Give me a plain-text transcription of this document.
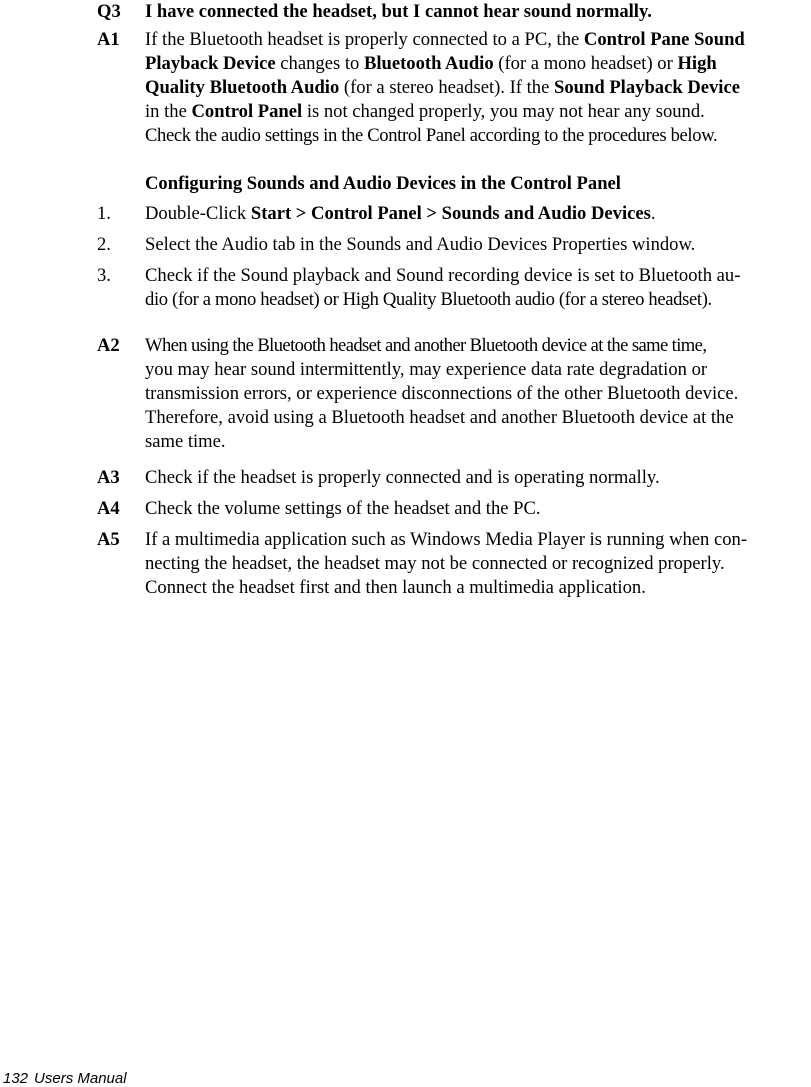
Q3 I have connected the headset, but I cannot hear sound normally.
A1 If the Bluetooth headset is properly connected to a PC, the Control Pane Sound
Playback Device changes to Bluetooth Audio (for a mono headset) or High
Quality Bluetooth Audio (for a stereo headset). If the Sound Playback Device
in the Control Panel is not changed properly, you may not hear any sound.
Check the audio settings in the Control Panel according to the procedures below.
Configuring Sounds and Audio Devices in the Control Panel
1. Double-Click Start > Control Panel > Sounds and Audio Devices.
2. Select the Audio tab in the Sounds and Audio Devices Properties window.
3. Check if the Sound playback and Sound recording device is set to Bluetooth au-
dio (for a mono headset) or High Quality Bluetooth audio (for a stereo headset).
A2 When using the Bluetooth headset and another Bluetooth device at the same time,
you may hear sound intermittently, may experience data rate degradation or
transmission errors, or experience disconnections of the other Bluetooth device.
Therefore, avoid using a Bluetooth headset and another Bluetooth device at the
same time.
A3 Check if the headset is properly connected and is operating normally.
A4 Check the volume settings of the headset and the PC.
A5 If a multimedia application such as Windows Media Player is running when con-
necting the headset, the headset may not be connected or recognized properly.
Connect the headset first and then launch a multimedia application.
132 Users Manual
